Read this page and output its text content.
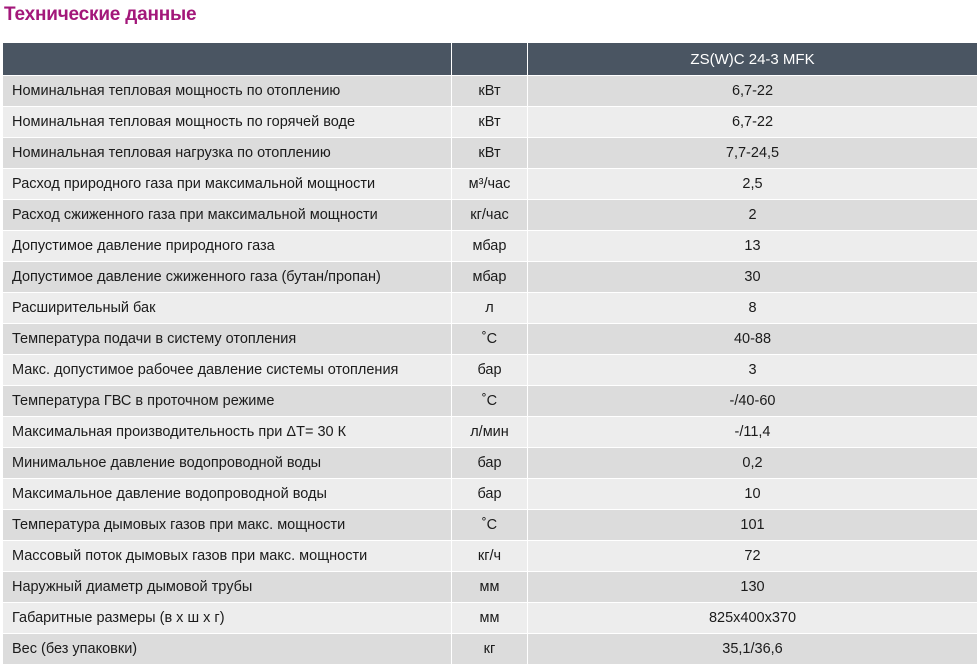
Технические данные
		ZS(W)C 24-3 MFK
Номинальная тепловая мощность по отоплению	кВт	6,7-22
Номинальная тепловая мощность по горячей воде	кВт	6,7-22
Номинальная тепловая нагрузка по отоплению	кВт	7,7-24,5
Расход природного газа при максимальной мощности	м³/час	2,5
Расход сжиженного газа при максимальной мощности	кг/час	2
Допустимое давление природного газа	мбар	13
Допустимое давление сжиженного газа (бутан/пропан)	мбар	30
Расширительный бак	л	8
Температура подачи в систему отопления	˚С	40-88
Макс. допустимое рабочее давление системы отопления	бар	3
Температура ГВС в проточном режиме	˚С	-/40-60
Максимальная производительность при ΔT= 30 К	л/мин	-/11,4
Минимальное давление водопроводной воды	бар	0,2
Максимальное давление водопроводной воды	бар	10
Температура дымовых газов при макс. мощности	˚С	101
Массовый поток дымовых газов при макс. мощности	кг/ч	72
Наружный диаметр дымовой трубы	мм	130
Габаритные размеры (в х ш х г)	мм	825x400x370
Вес (без упаковки)	кг	35,1/36,6
